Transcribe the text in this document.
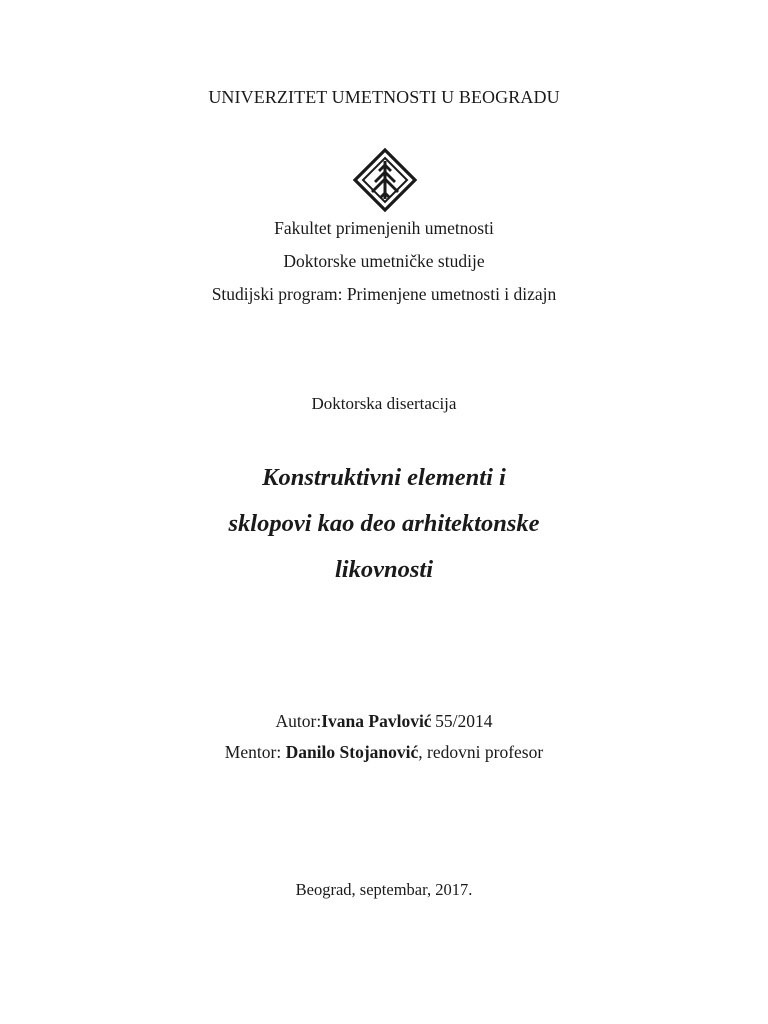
UNIVERZITET UMETNOSTI U BEOGRADU
Fakultet primenjenih umetnosti
Doktorske umetničke studije
Studijski program: Primenjene umetnosti i dizajn
Doktorska disertacija
Konstruktivni elementi i
sklopovi kao deo arhitektonske
likovnosti
Autor:Ivana Pavlović  55/2014
Mentor: Danilo Stojanović, redovni profesor
Beograd, septembar, 2017.
